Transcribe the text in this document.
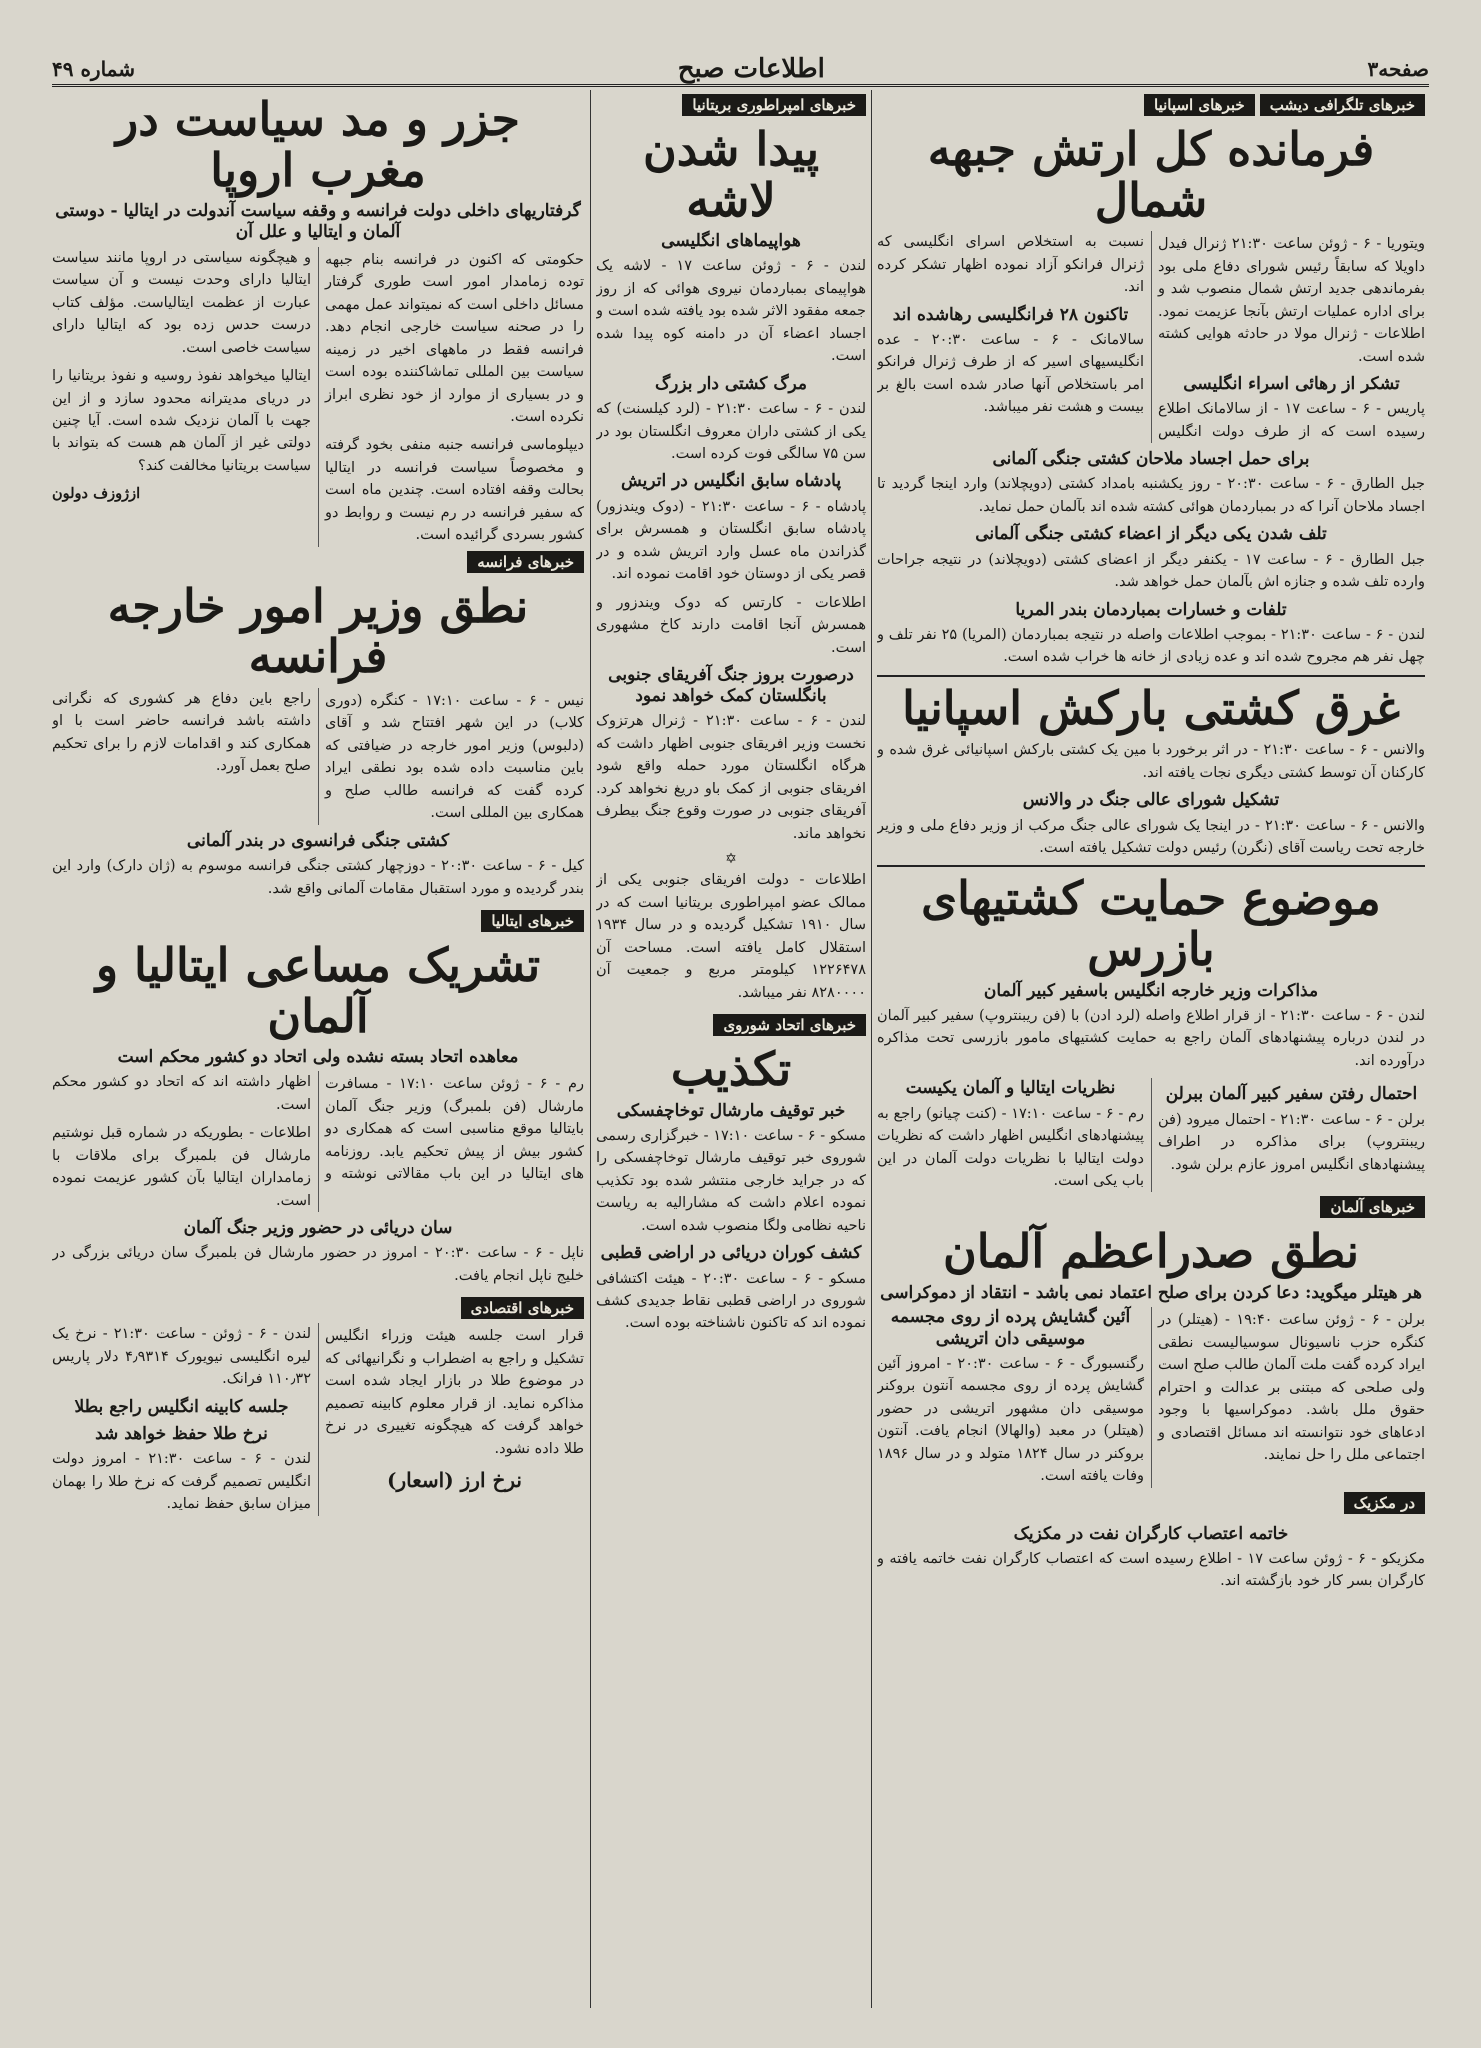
صفحه۳
اطلاعات صبح
شماره ۴۹
خبرهای تلگرافی دیشب خبرهای اسپانیا
فرمانده کل ارتش جبهه شمال

ویتوریا - ۶ - ژوئن ساعت ۲۱:۳۰ ژنرال فیدل داویلا که سابقاً رئیس شورای دفاع ملی بود بفرماندهی جدید ارتش شمال منصوب شد و برای اداره عملیات ارتش بآنجا عزیمت نمود. اطلاعات - ژنرال مولا در حادثه هوایی کشته شده است.

تشکر از رهائی اسراء انگلیسی

پاریس - ۶ - ساعت ۱۷ - از سالامانک اطلاع رسیده است که از طرف دولت انگلیس نسبت به استخلاص اسرای انگلیسی که ژنرال فرانکو آزاد نموده اظهار تشکر کرده اند.

تاکنون ۲۸ فرانگلیسی رهاشده اند

سالامانک - ۶ - ساعت ۲۰:۳۰ - عده انگلیسیهای اسیر که از طرف ژنرال فرانکو امر باستخلاص آنها صادر شده است بالغ بر بیست و هشت نفر میباشد.

برای حمل اجساد ملاحان کشتی جنگی آلمانی

جبل الطارق - ۶ - ساعت ۲۰:۳۰ - روز یکشنبه بامداد کشتی (دویچلاند) وارد اینجا گردید تا اجساد ملاحان آنرا که در بمباردمان هوائی کشته شده اند بآلمان حمل نماید.

تلف شدن یکی دیگر از اعضاء کشتی جنگی آلمانی

جبل الطارق - ۶ - ساعت ۱۷ - یکنفر دیگر از اعضای کشتی (دویچلاند) در نتیجه جراحات وارده تلف شده و جنازه اش بآلمان حمل خواهد شد.

تلفات و خسارات بمباردمان بندر المریا

لندن - ۶ - ساعت ۲۱:۳۰ - بموجب اطلاعات واصله در نتیجه بمباردمان (المریا) ۲۵ نفر تلف و چهل نفر هم مجروح شده اند و عده زیادی از خانه ها خراب شده است.

غرق کشتی بارکش اسپانیا

والانس - ۶ - ساعت ۲۱:۳۰ - در اثر برخورد با مین یک کشتی بارکش اسپانیائی غرق شده و کارکنان آن توسط کشتی دیگری نجات یافته اند.

تشکیل شورای عالی جنگ در والانس

والانس - ۶ - ساعت ۲۱:۳۰ - در اینجا یک شورای عالی جنگ مرکب از وزیر دفاع ملی و وزیر خارجه تحت ریاست آقای (نگرن) رئیس دولت تشکیل یافته است.

موضوع حمایت کشتیهای بازرس
مذاکرات وزیر خارجه انگلیس باسفیر کبیر آلمان

لندن - ۶ - ساعت ۲۱:۳۰ - از قرار اطلاع واصله (لرد ادن) با (فن ریبنتروپ) سفیر کبیر آلمان در لندن درباره پیشنهادهای آلمان راجع به حمایت کشتیهای مامور بازرسی تحت مذاکره درآورده اند.

احتمال رفتن سفیر کبیر آلمان ببرلن

برلن - ۶ - ساعت ۲۱:۳۰ - احتمال میرود (فن ریبنتروپ) برای مذاکره در اطراف پیشنهادهای انگلیس امروز عازم برلن شود.

نظریات ایتالیا و آلمان یکیست

رم - ۶ - ساعت ۱۷:۱۰ - (کنت چیانو) راجع به پیشنهادهای انگلیس اظهار داشت که نظریات دولت ایتالیا با نظریات دولت آلمان در این باب یکی است.

خبرهای آلمان
نطق صدراعظم آلمان
هر هیتلر میگوید: دعا کردن برای صلح اعتماد نمی باشد - انتقاد از دموکراسی

برلن - ۶ - ژوئن ساعت ۱۹:۴۰ - (هیتلر) در کنگره حزب ناسیونال سوسیالیست نطقی ایراد کرده گفت ملت آلمان طالب صلح است ولی صلحی که مبتنی بر عدالت و احترام حقوق ملل باشد. دموکراسیها با وجود ادعاهای خود نتوانسته اند مسائل اقتصادی و اجتماعی ملل را حل نمایند.

آئین گشایش پرده از روی مجسمه موسیقی دان اتریشی

رگنسبورگ - ۶ - ساعت ۲۰:۳۰ - امروز آئین گشایش پرده از روی مجسمه آنتون بروکنر موسیقی دان مشهور اتریشی در حضور (هیتلر) در معبد (والهالا) انجام یافت. آنتون بروکنر در سال ۱۸۲۴ متولد و در سال ۱۸۹۶ وفات یافته است.

در مکزیک
خاتمه اعتصاب کارگران نفت در مکزیک

مکزیکو - ۶ - ژوئن ساعت ۱۷ - اطلاع رسیده است که اعتصاب کارگران نفت خاتمه یافته و کارگران بسر کار خود بازگشته اند.

خبرهای امپراطوری بریتانیا
پیدا شدن لاشه
هواپیماهای انگلیسی

لندن - ۶ - ژوئن ساعت ۱۷ - لاشه یک هواپیمای بمباردمان نیروی هوائی که از روز جمعه مفقود الاثر شده بود یافته شده است و اجساد اعضاء آن در دامنه کوه پیدا شده است.

مرگ کشتی دار بزرگ

لندن - ۶ - ساعت ۲۱:۳۰ - (لرد کیلسنت) که یکی از کشتی داران معروف انگلستان بود در سن ۷۵ سالگی فوت کرده است.

پادشاه سابق انگلیس در اتریش

پادشاه - ۶ - ساعت ۲۱:۳۰ - (دوک ویندزور) پادشاه سابق انگلستان و همسرش برای گذراندن ماه عسل وارد اتریش شده و در قصر یکی از دوستان خود اقامت نموده اند.

اطلاعات - کارتس که دوک ویندزور و همسرش آنجا اقامت دارند کاخ مشهوری است.

درصورت بروز جنگ آفریقای جنوبی بانگلستان کمک خواهد نمود

لندن - ۶ - ساعت ۲۱:۳۰ - ژنرال هرتزوک نخست وزیر افریقای جنوبی اظهار داشت که هرگاه انگلستان مورد حمله واقع شود افریقای جنوبی از کمک باو دریغ نخواهد کرد. آفریقای جنوبی در صورت وقوع جنگ بیطرف نخواهد ماند.

✡

اطلاعات - دولت افریقای جنوبی یکی از ممالک عضو امپراطوری بریتانیا است که در سال ۱۹۱۰ تشکیل گردیده و در سال ۱۹۳۴ استقلال کامل یافته است. مساحت آن ۱۲۲۶۴۷۸ کیلومتر مربع و جمعیت آن ۸۲۸۰۰۰۰ نفر میباشد.

خبرهای اتحاد شوروی
تکذیب
خبر توقیف مارشال توخاچفسکی

مسکو - ۶ - ساعت ۱۷:۱۰ - خبرگزاری رسمی شوروی خبر توقیف مارشال توخاچفسکی را که در جراید خارجی منتشر شده بود تکذیب نموده اعلام داشت که مشارالیه به ریاست ناحیه نظامی ولگا منصوب شده است.

کشف کوران دریائی در اراضی قطبی

مسکو - ۶ - ساعت ۲۰:۳۰ - هیئت اکتشافی شوروی در اراضی قطبی نقاط جدیدی کشف نموده اند که تاکنون ناشناخته بوده است.

جزر و مد سیاست در مغرب اروپا
گرفتاریهای داخلی دولت فرانسه و وقفه سیاست آندولت در ایتالیا - دوستی آلمان و ایتالیا و علل آن

حکومتی که اکنون در فرانسه بنام جبهه توده زمامدار امور است طوری گرفتار مسائل داخلی است که نمیتواند عمل مهمی را در صحنه سیاست خارجی انجام دهد. فرانسه فقط در ماههای اخیر در زمینه سیاست بین المللی تماشاکننده بوده است و در بسیاری از موارد از خود نظری ابراز نکرده است.

دیپلوماسی فرانسه جنبه منفی بخود گرفته و مخصوصاً سیاست فرانسه در ایتالیا بحالت وقفه افتاده است. چندین ماه است که سفیر فرانسه در رم نیست و روابط دو کشور بسردی گرائیده است.

و هیچگونه سیاستی در اروپا مانند سیاست ایتالیا دارای وحدت نیست و آن سیاست عبارت از عظمت ایتالیاست. مؤلف کتاب درست حدس زده بود که ایتالیا دارای سیاست خاصی است.

ایتالیا میخواهد نفوذ روسیه و نفوذ بریتانیا را در دریای مدیترانه محدود سازد و از این جهت با آلمان نزدیک شده است. آیا چنین دولتی غیر از آلمان هم هست که بتواند با سیاست بریتانیا مخالفت کند؟

ازژوزف دولون

خبرهای فرانسه
نطق وزیر امور خارجه فرانسه

نیس - ۶ - ساعت ۱۷:۱۰ - کنگره (دوری کلاب) در این شهر افتتاح شد و آقای (دلبوس) وزیر امور خارجه در ضیافتی که باین مناسبت داده شده بود نطقی ایراد کرده گفت که فرانسه طالب صلح و همکاری بین المللی است.

راجع باین دفاع هر کشوری که نگرانی داشته باشد فرانسه حاضر است با او همکاری کند و اقدامات لازم را برای تحکیم صلح بعمل آورد.

کشتی جنگی فرانسوی در بندر آلمانی

کیل - ۶ - ساعت ۲۰:۳۰ - دوزچهار کشتی جنگی فرانسه موسوم به (ژان دارک) وارد این بندر گردیده و مورد استقبال مقامات آلمانی واقع شد.

خبرهای ایتالیا
تشریک مساعی ایتالیا و آلمان
معاهده اتحاد بسته نشده ولی اتحاد دو کشور محکم است

رم - ۶ - ژوئن ساعت ۱۷:۱۰ - مسافرت مارشال (فن بلمبرگ) وزیر جنگ آلمان بایتالیا موقع مناسبی است که همکاری دو کشور بیش از پیش تحکیم یابد. روزنامه های ایتالیا در این باب مقالاتی نوشته و اظهار داشته اند که اتحاد دو کشور محکم است.

اطلاعات - بطوریکه در شماره قبل نوشتیم مارشال فن بلمبرگ برای ملاقات با زمامداران ایتالیا بآن کشور عزیمت نموده است.

سان دریائی در حضور وزیر جنگ آلمان

ناپل - ۶ - ساعت ۲۰:۳۰ - امروز در حضور مارشال فن بلمبرگ سان دریائی بزرگی در خلیج ناپل انجام یافت.

خبرهای اقتصادی

قرار است جلسه هیئت وزراء انگلیس تشکیل و راجع به اضطراب و نگرانیهائی که در موضوع طلا در بازار ایجاد شده است مذاکره نماید. از قرار معلوم کابینه تصمیم خواهد گرفت که هیچگونه تغییری در نرخ طلا داده نشود.

نرخ ارز (اسعار)

لندن - ۶ - ژوئن - ساعت ۲۱:۳۰ - نرخ یک لیره انگلیسی نیویورک ۴٫۹۳۱۴ دلار پاریس ۱۱۰٫۳۲ فرانک.

جلسه کابینه انگلیس راجع بطلا
نرخ طلا حفظ خواهد شد

لندن - ۶ - ساعت ۲۱:۳۰ - امروز دولت انگلیس تصمیم گرفت که نرخ طلا را بهمان میزان سابق حفظ نماید.
